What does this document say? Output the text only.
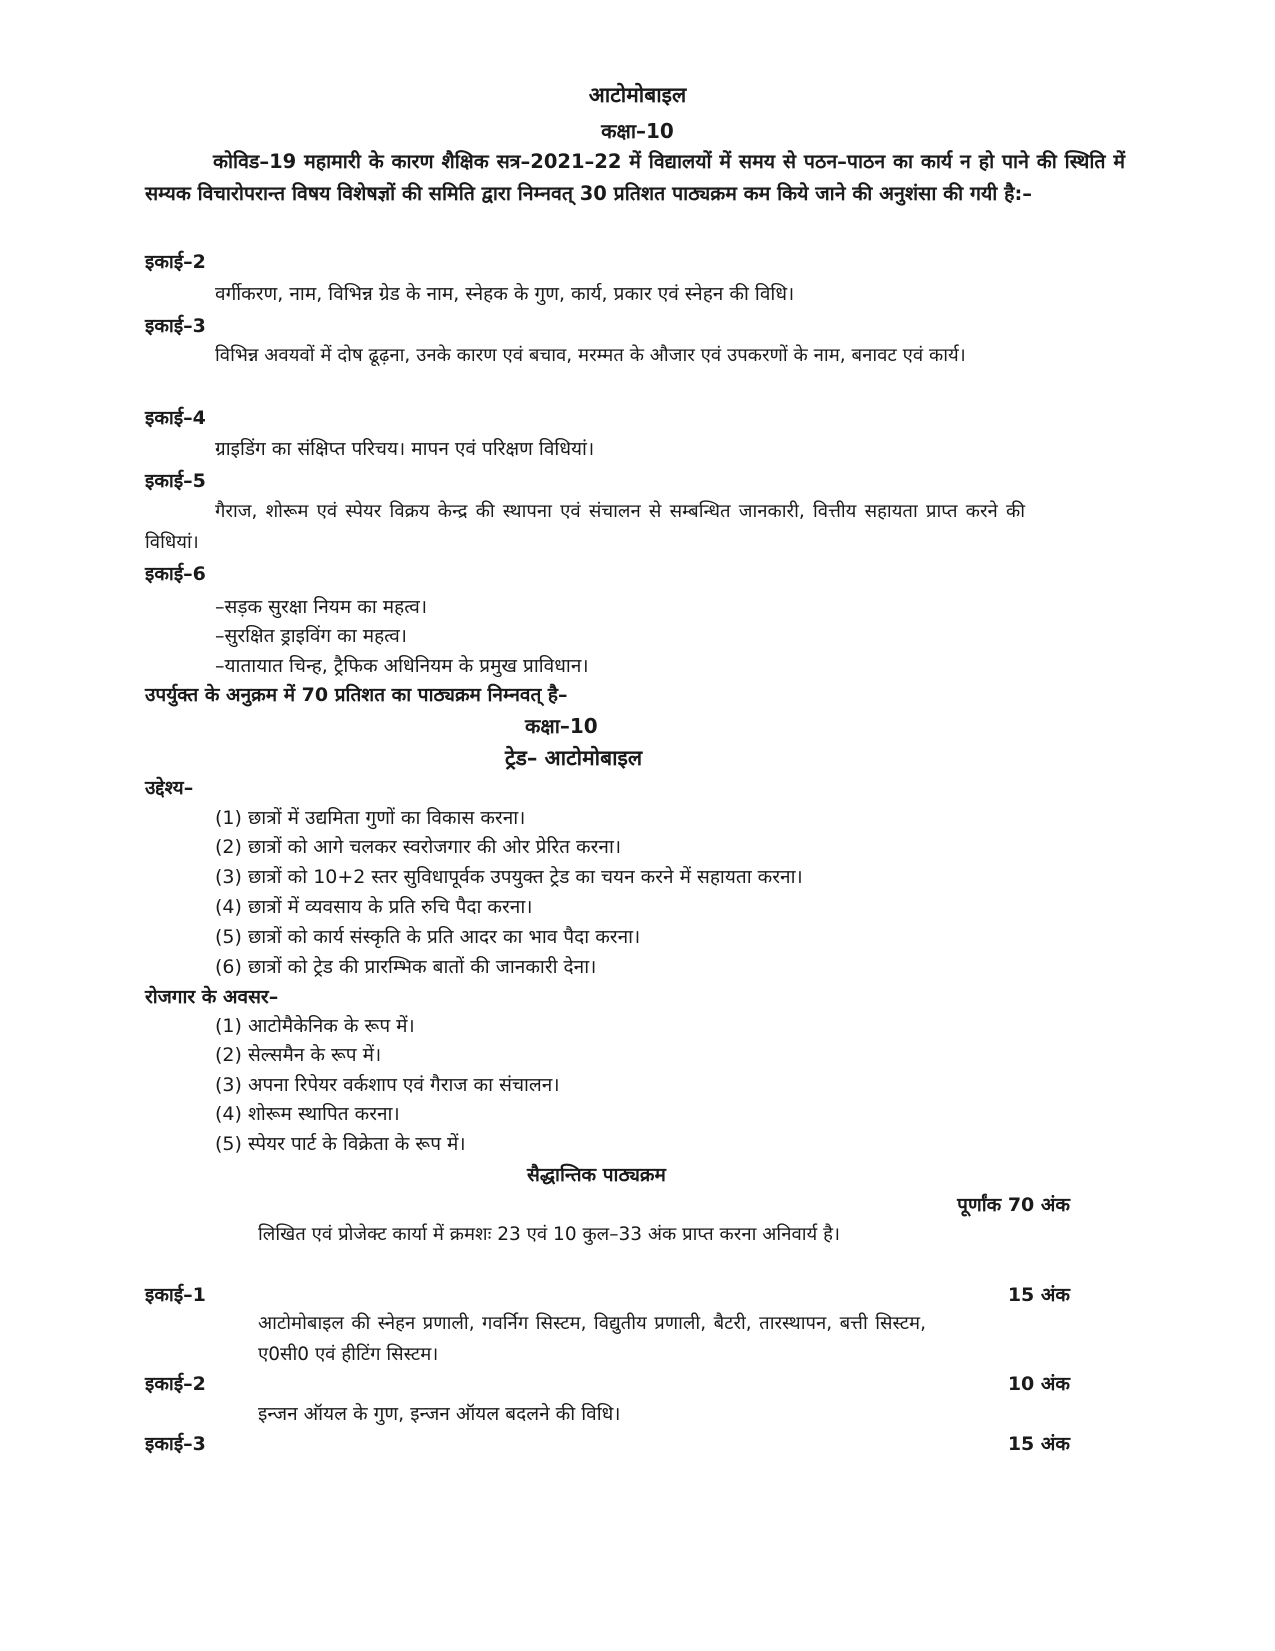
आटोमोबाइल
कक्षा–10
कोविड–19 महामारी के कारण शैक्षिक सत्र–2021–22 में विद्यालयों में समय से पठन–पाठन का कार्य न हो पाने की स्थिति में सम्यक विचारोपरान्त विषय विशेषज्ञों की समिति द्वारा निम्नवत् 30 प्रतिशत पाठ्यक्रम कम किये जाने की अनुशंसा की गयी है:–
इकाई–2
वर्गीकरण, नाम, विभिन्न ग्रेड के नाम, स्नेहक के गुण, कार्य, प्रकार एवं स्नेहन की विधि।
इकाई–3
विभिन्न अवयवों में दोष ढूढ़ना, उनके कारण एवं बचाव, मरम्मत के औजार एवं उपकरणों के नाम, बनावट एवं कार्य।
इकाई–4
ग्राइडिंग का संक्षिप्त परिचय। मापन एवं परिक्षण विधियां।
इकाई–5
गैराज, शोरूम एवं स्पेयर विक्रय केन्द्र की स्थापना एवं संचालन से सम्बन्धित जानकारी, वित्तीय सहायता प्राप्त करने की विधियां।
इकाई–6
–सड़क सुरक्षा नियम का महत्व।
–सुरक्षित ड्राइविंग का महत्व।
–यातायात चिन्ह, ट्रैफिक अधिनियम के प्रमुख प्राविधान।
उपर्युक्त के अनुक्रम में 70 प्रतिशत का पाठ्यक्रम निम्नवत् है–
कक्षा–10
ट्रेड– आटोमोबाइल
उद्देश्य–
(1) छात्रों में उद्यमिता गुणों का विकास करना।
(2) छात्रों को आगे चलकर स्वरोजगार की ओर प्रेरित करना।
(3) छात्रों को 10+2 स्तर सुविधापूर्वक उपयुक्त ट्रेड का चयन करने में सहायता करना।
(4) छात्रों में व्यवसाय के प्रति रुचि पैदा करना।
(5) छात्रों को कार्य संस्कृति के प्रति आदर का भाव पैदा करना।
(6) छात्रों को ट्रेड की प्रारम्भिक बातों की जानकारी देना।
रोजगार के अवसर–
(1) आटोमैकेनिक के रूप में।
(2) सेल्समैन के रूप में।
(3) अपना रिपेयर वर्कशाप एवं गैराज का संचालन।
(4) शोरूम स्थापित करना।
(5) स्पेयर पार्ट के विक्रेता के रूप में।
सैद्धान्तिक पाठ्यक्रम
पूर्णांक 70 अंक
लिखित एवं प्रोजेक्ट कार्या में क्रमशः 23 एवं 10 कुल–33 अंक प्राप्त करना अनिवार्य है।
इकाई–1	15 अंक
आटोमोबाइल की स्नेहन प्रणाली, गवर्निग सिस्टम, विद्युतीय प्रणाली, बैटरी, तारस्थापन, बत्ती सिस्टम, ए0सी0 एवं हीटिंग सिस्टम।
इकाई–2	10 अंक
इन्जन ऑयल के गुण, इन्जन ऑयल बदलने की विधि।
इकाई–3	15 अंक
